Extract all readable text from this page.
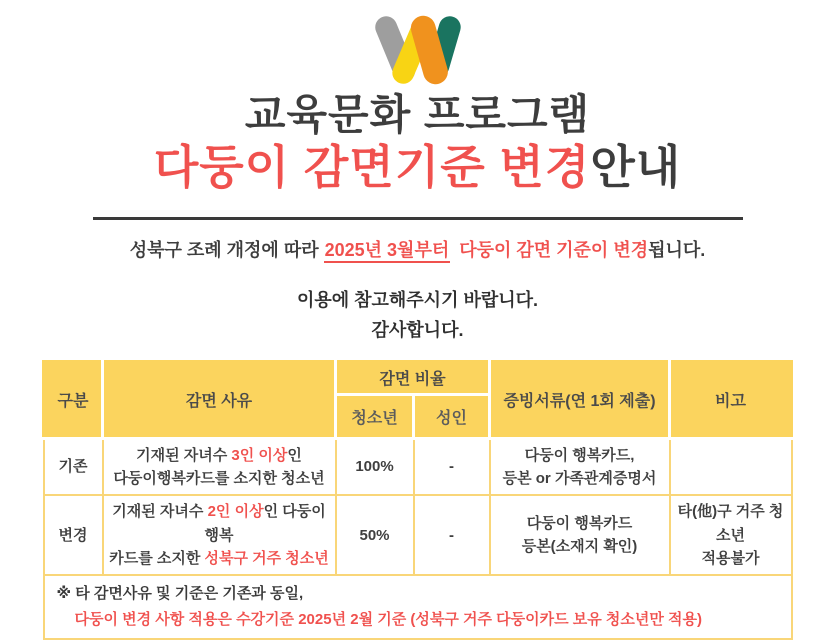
교육문화 프로그램
다둥이 감면기준 변경안내

성북구 조례 개정에 따라 2025년 3월부터 다둥이 감면 기준이 변경됩니다.

이용에 참고해주시기 바랍니다.

감사합니다.

구분	감면 사유	감면 비율		증빙서류(연 1회 제출)	비고
		청소년	성인		
기존	기재된 자녀수 3인 이상인
다둥이행복카드를 소지한 청소년	100%	-	다둥이 행복카드,
등본 or 가족관계증명서	
변경	기재된 자녀수 2인 이상인 다둥이행복
카드를 소지한 성북구 거주 청소년	50%	-	다둥이 행복카드
등본(소재지 확인)	타(他)구 거주 청소년
적용불가

※ 타 감면사유 및 기준은 기존과 동일,
다둥이 변경 사항 적용은 수강기준 2025년 2월 기준 (성북구 거주 다둥이카드 보유 청소년만 적용)					
